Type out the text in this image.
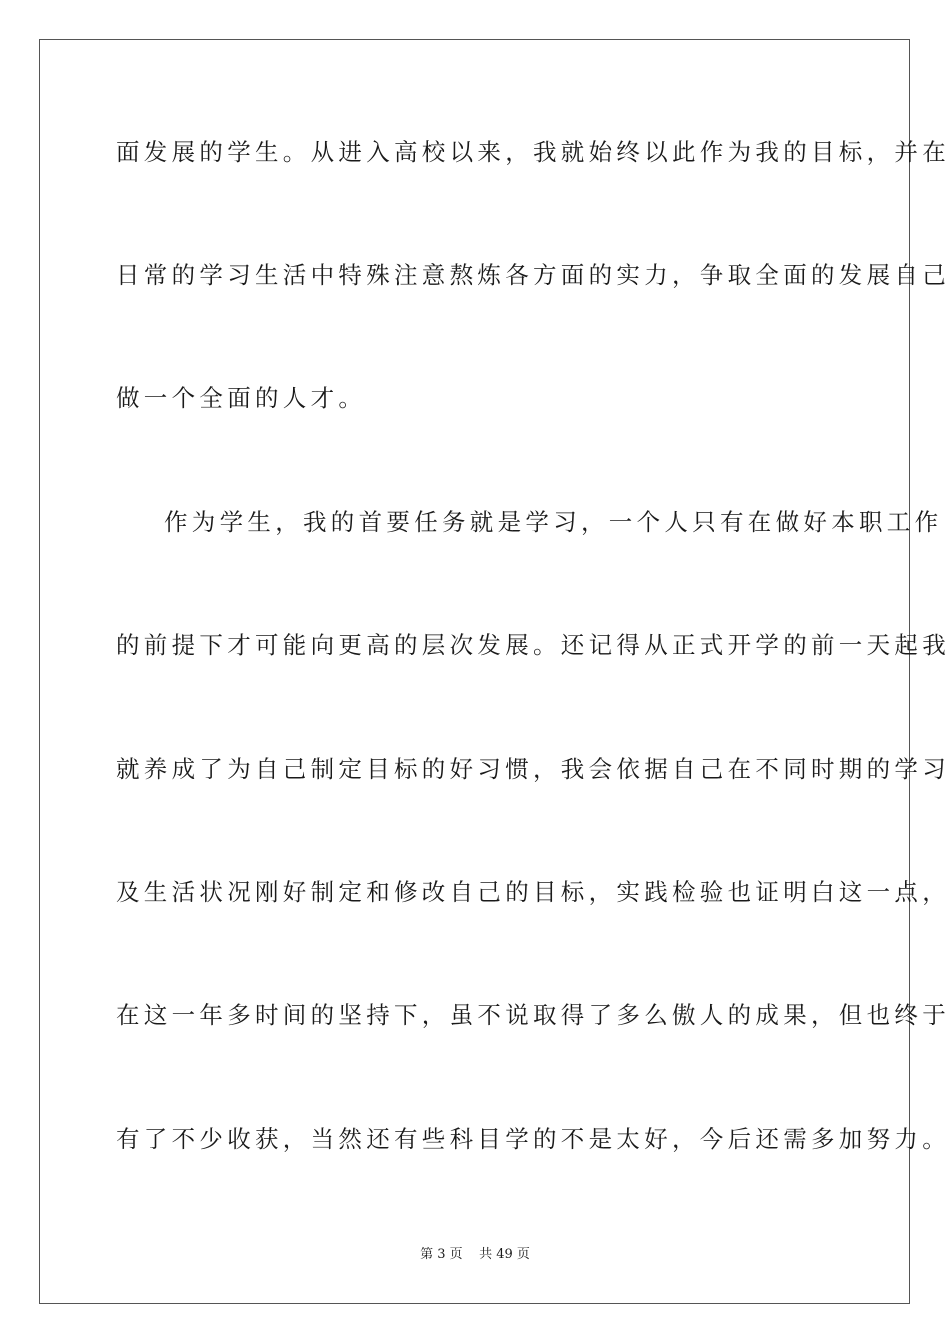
面发展的学生。从进入高校以来，我就始终以此作为我的目标，并在
日常的学习生活中特殊注意熬炼各方面的实力，争取全面的发展自己
做一个全面的人才。
作为学生，我的首要任务就是学习，一个人只有在做好本职工作
的前提下才可能向更高的层次发展。还记得从正式开学的前一天起我
就养成了为自己制定目标的好习惯，我会依据自己在不同时期的学习
及生活状况刚好制定和修改自己的目标，实践检验也证明白这一点，
在这一年多时间的坚持下，虽不说取得了多么傲人的成果，但也终于
有了不少收获，当然还有些科目学的不是太好，今后还需多加努力。
第 3 页    共 49 页
